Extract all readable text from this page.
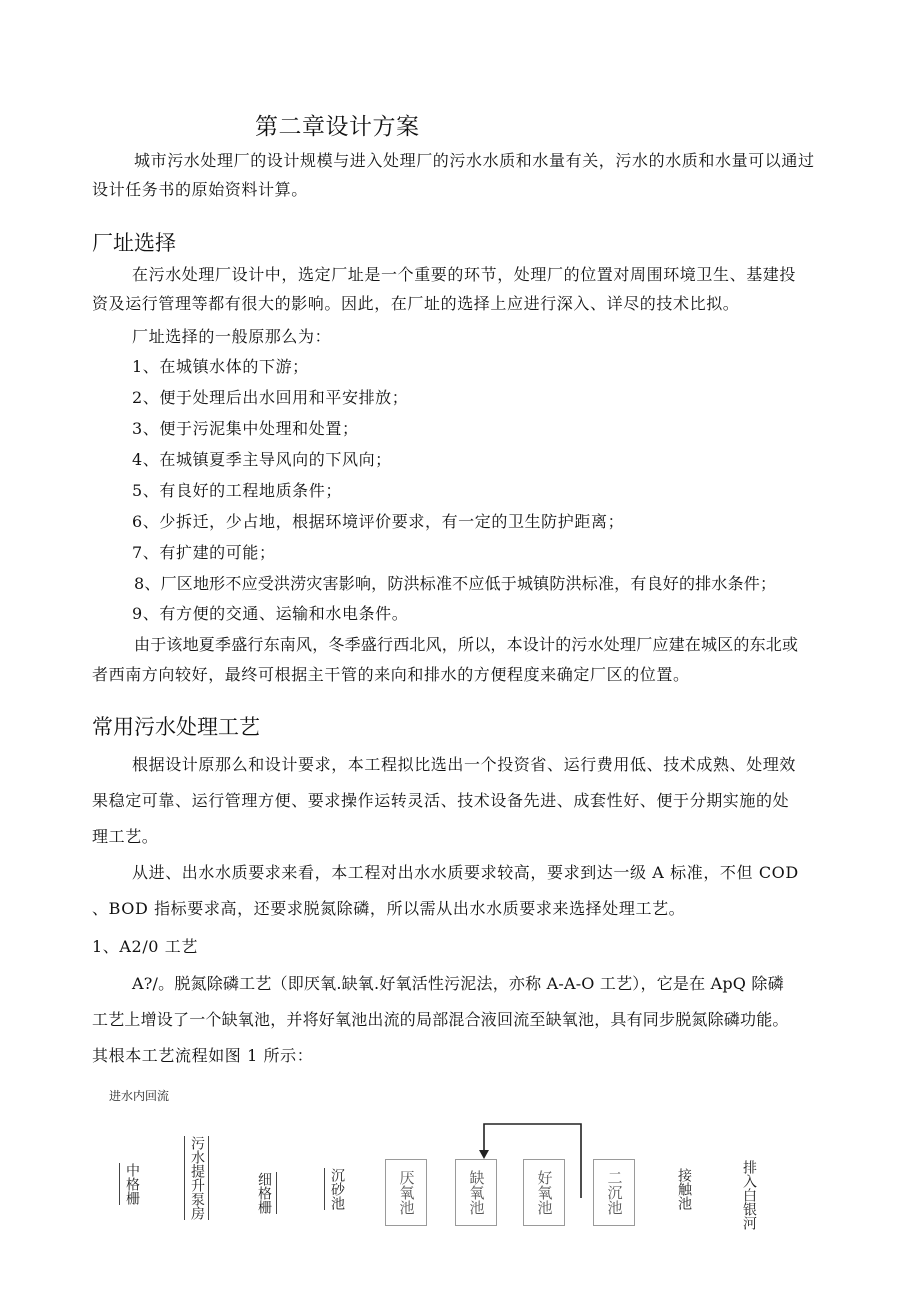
第二章设计方案
城市污水处理厂的设计规模与进入处理厂的污水水质和水量有关，污水的水质和水量可以通过
设计任务书的原始资料计算。
厂址选择
在污水处理厂设计中，选定厂址是一个重要的环节，处理厂的位置对周围环境卫生、基建投
资及运行管理等都有很大的影响。因此，在厂址的选择上应进行深入、详尽的技术比拟。
厂址选择的一般原那么为：
1、在城镇水体的下游；
2、便于处理后出水回用和平安排放；
3、便于污泥集中处理和处置；
4、在城镇夏季主导风向的下风向；
5、有良好的工程地质条件；
6、少拆迁，少占地，根据环境评价要求，有一定的卫生防护距离；
7、有扩建的可能；
8、厂区地形不应受洪涝灾害影响，防洪标准不应低于城镇防洪标准，有良好的排水条件；
9、有方便的交通、运输和水电条件。
由于该地夏季盛行东南风，冬季盛行西北风，所以，本设计的污水处理厂应建在城区的东北或
者西南方向较好，最终可根据主干管的来向和排水的方便程度来确定厂区的位置。
常用污水处理工艺
根据设计原那么和设计要求，本工程拟比选出一个投资省、运行费用低、技术成熟、处理效
果稳定可靠、运行管理方便、要求操作运转灵活、技术设备先进、成套性好、便于分期实施的处
理工艺。
从进、出水水质要求来看，本工程对出水水质要求较高，要求到达一级 A 标准，不但 COD
、BOD 指标要求高，还要求脱氮除磷，所以需从出水水质要求来选择处理工艺。
1、A2/0 工艺
A?/。脱氮除磷工艺（即厌氧.缺氧.好氧活性污泥法，亦称 A-A-O 工艺），它是在 ApQ 除磷
工艺上增设了一个缺氧池，并将好氧池出流的局部混合液回流至缺氧池，具有同步脱氮除磷功能。
其根本工艺流程如图 1 所示：
进水内回流
中格栅	污水提升泵房	细格栅	沉砂池	厌氧池	缺氧池	好氧池	二沉池	接触池	排入白银河
